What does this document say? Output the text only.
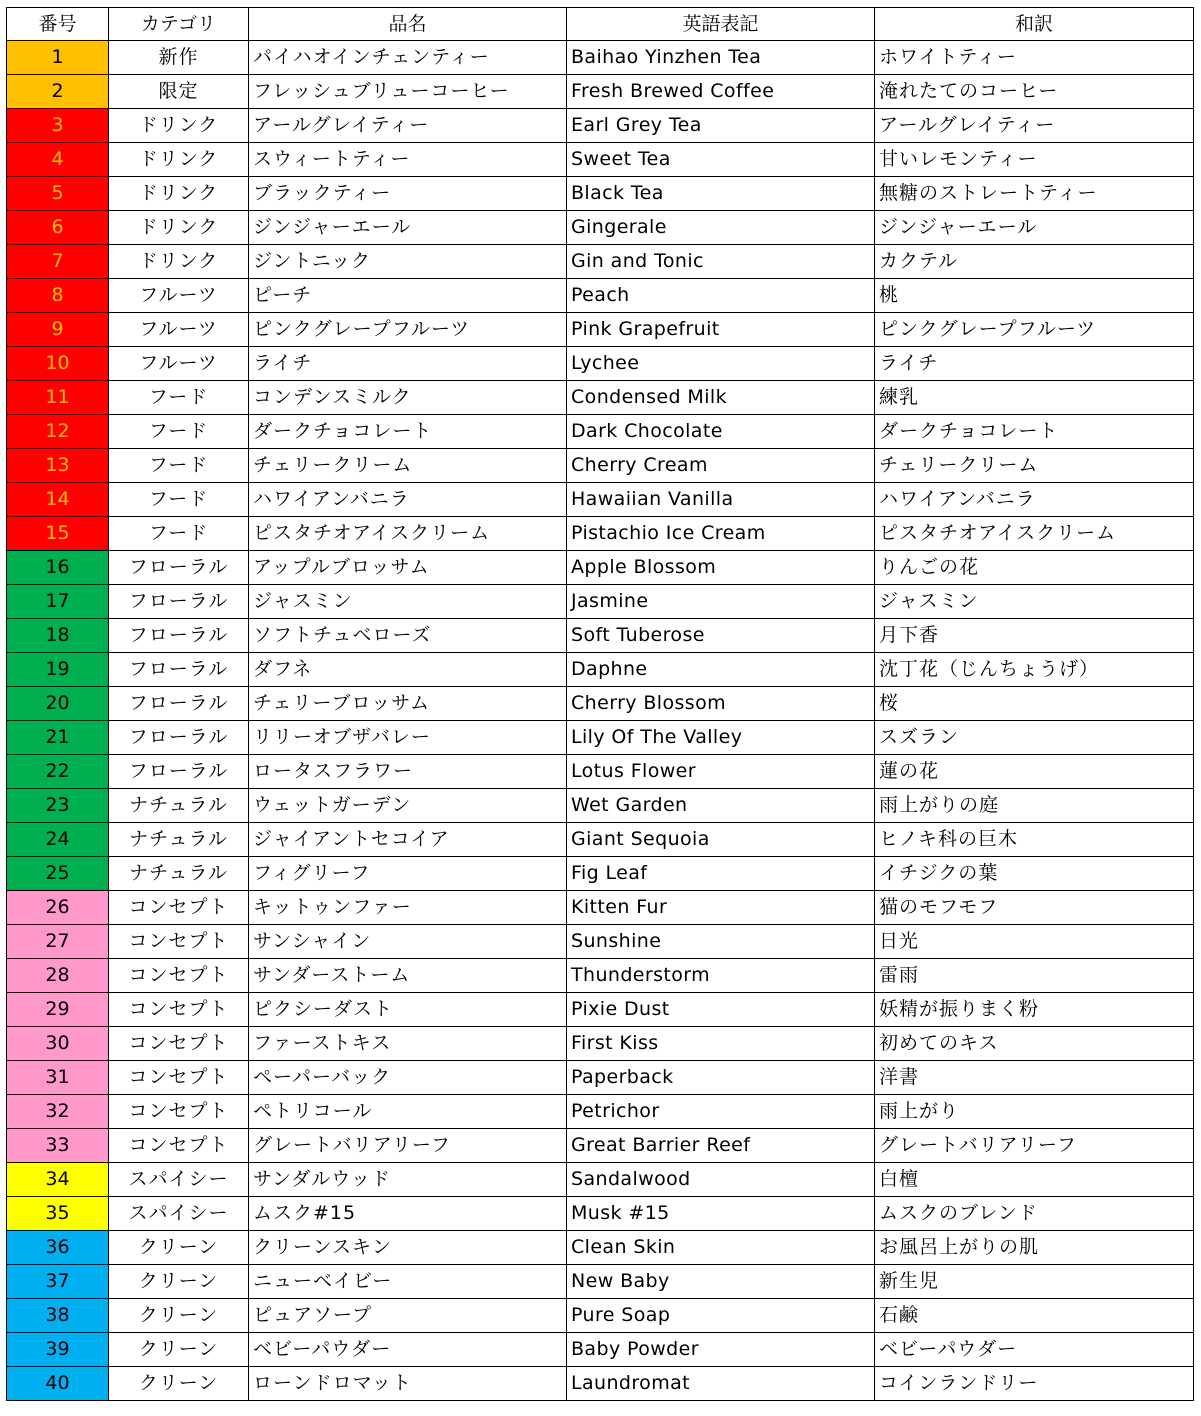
番号	カテゴリ	品名	英語表記	和訳
1	新作	パイハオインチェンティー	Baihao Yinzhen Tea	ホワイトティー
2	限定	フレッシュブリューコーヒー	Fresh Brewed Coffee	淹れたてのコーヒー
3	ドリンク	アールグレイティー	Earl Grey Tea	アールグレイティー
4	ドリンク	スウィートティー	Sweet Tea	甘いレモンティー
5	ドリンク	ブラックティー	Black Tea	無糖のストレートティー
6	ドリンク	ジンジャーエール	Gingerale	ジンジャーエール
7	ドリンク	ジントニック	Gin and Tonic	カクテル
8	フルーツ	ピーチ	Peach	桃
9	フルーツ	ピンクグレープフルーツ	Pink Grapefruit	ピンクグレープフルーツ
10	フルーツ	ライチ	Lychee	ライチ
11	フード	コンデンスミルク	Condensed Milk	練乳
12	フード	ダークチョコレート	Dark Chocolate	ダークチョコレート
13	フード	チェリークリーム	Cherry Cream	チェリークリーム
14	フード	ハワイアンバニラ	Hawaiian Vanilla	ハワイアンバニラ
15	フード	ピスタチオアイスクリーム	Pistachio Ice Cream	ピスタチオアイスクリーム
16	フローラル	アップルブロッサム	Apple Blossom	りんごの花
17	フローラル	ジャスミン	Jasmine	ジャスミン
18	フローラル	ソフトチュベローズ	Soft Tuberose	月下香
19	フローラル	ダフネ	Daphne	沈丁花（じんちょうげ）
20	フローラル	チェリーブロッサム	Cherry Blossom	桜
21	フローラル	リリーオブザバレー	Lily Of The Valley	スズラン
22	フローラル	ロータスフラワー	Lotus Flower	蓮の花
23	ナチュラル	ウェットガーデン	Wet Garden	雨上がりの庭
24	ナチュラル	ジャイアントセコイア	Giant Sequoia	ヒノキ科の巨木
25	ナチュラル	フィグリーフ	Fig Leaf	イチジクの葉
26	コンセプト	キットゥンファー	Kitten Fur	猫のモフモフ
27	コンセプト	サンシャイン	Sunshine	日光
28	コンセプト	サンダーストーム	Thunderstorm	雷雨
29	コンセプト	ピクシーダスト	Pixie Dust	妖精が振りまく粉
30	コンセプト	ファーストキス	First Kiss	初めてのキス
31	コンセプト	ペーパーバック	Paperback	洋書
32	コンセプト	ペトリコール	Petrichor	雨上がり
33	コンセプト	グレートバリアリーフ	Great Barrier Reef	グレートバリアリーフ
34	スパイシー	サンダルウッド	Sandalwood	白檀
35	スパイシー	ムスク#15	Musk #15	ムスクのブレンド
36	クリーン	クリーンスキン	Clean Skin	お風呂上がりの肌
37	クリーン	ニューベイビー	New Baby	新生児
38	クリーン	ピュアソープ	Pure Soap	石鹸
39	クリーン	ベビーパウダー	Baby Powder	ベビーパウダー
40	クリーン	ローンドロマット	Laundromat	コインランドリー
